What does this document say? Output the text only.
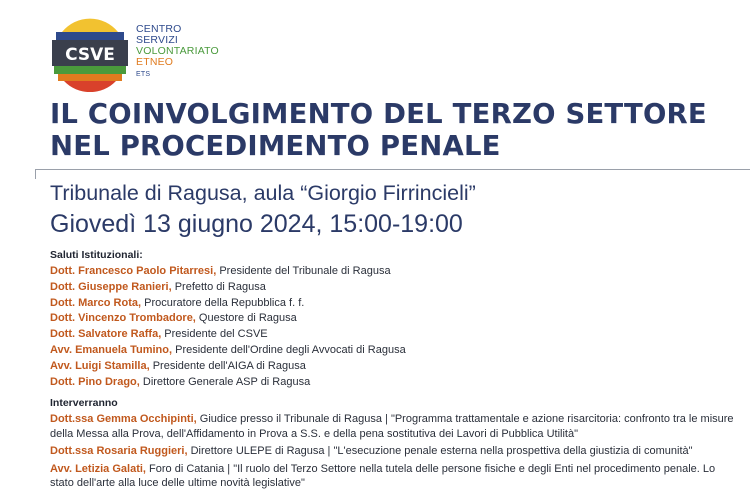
CSVE
CENTRO
SERVIZI
VOLONTARIATO
ETNEO
ETS
IL COINVOLGIMENTO DEL TERZO SETTORE
NEL PROCEDIMENTO PENALE
Tribunale di Ragusa, aula “Giorgio Firrincieli”
Giovedì 13 giugno 2024, 15:00-19:00
Saluti Istituzionali:
Dott. Francesco Paolo Pitarresi, Presidente del Tribunale di Ragusa
Dott. Giuseppe Ranieri, Prefetto di Ragusa
Dott. Marco Rota, Procuratore della Repubblica f. f.
Dott. Vincenzo Trombadore, Questore di Ragusa
Dott. Salvatore Raffa, Presidente del CSVE
Avv. Emanuela Tumino, Presidente dell'Ordine degli Avvocati di Ragusa
Avv. Luigi Stamilla, Presidente dell'AIGA di Ragusa
Dott. Pino Drago, Direttore Generale ASP di Ragusa
Interverranno
Dott.ssa Gemma Occhipinti, Giudice presso il Tribunale di Ragusa | "Programma trattamentale e azione risarcitoria: confronto tra le misure della Messa alla Prova, dell'Affidamento in Prova a S.S. e della pena sostitutiva dei Lavori di Pubblica Utilità"
Dott.ssa Rosaria Ruggieri, Direttore ULEPE di Ragusa | "L'esecuzione penale esterna nella prospettiva della giustizia di comunità"
Avv. Letizia Galati, Foro di Catania | "Il ruolo del Terzo Settore nella tutela delle persone fisiche e degli Enti nel procedimento penale. Lo stato dell'arte alla luce delle ultime novità legislative"
